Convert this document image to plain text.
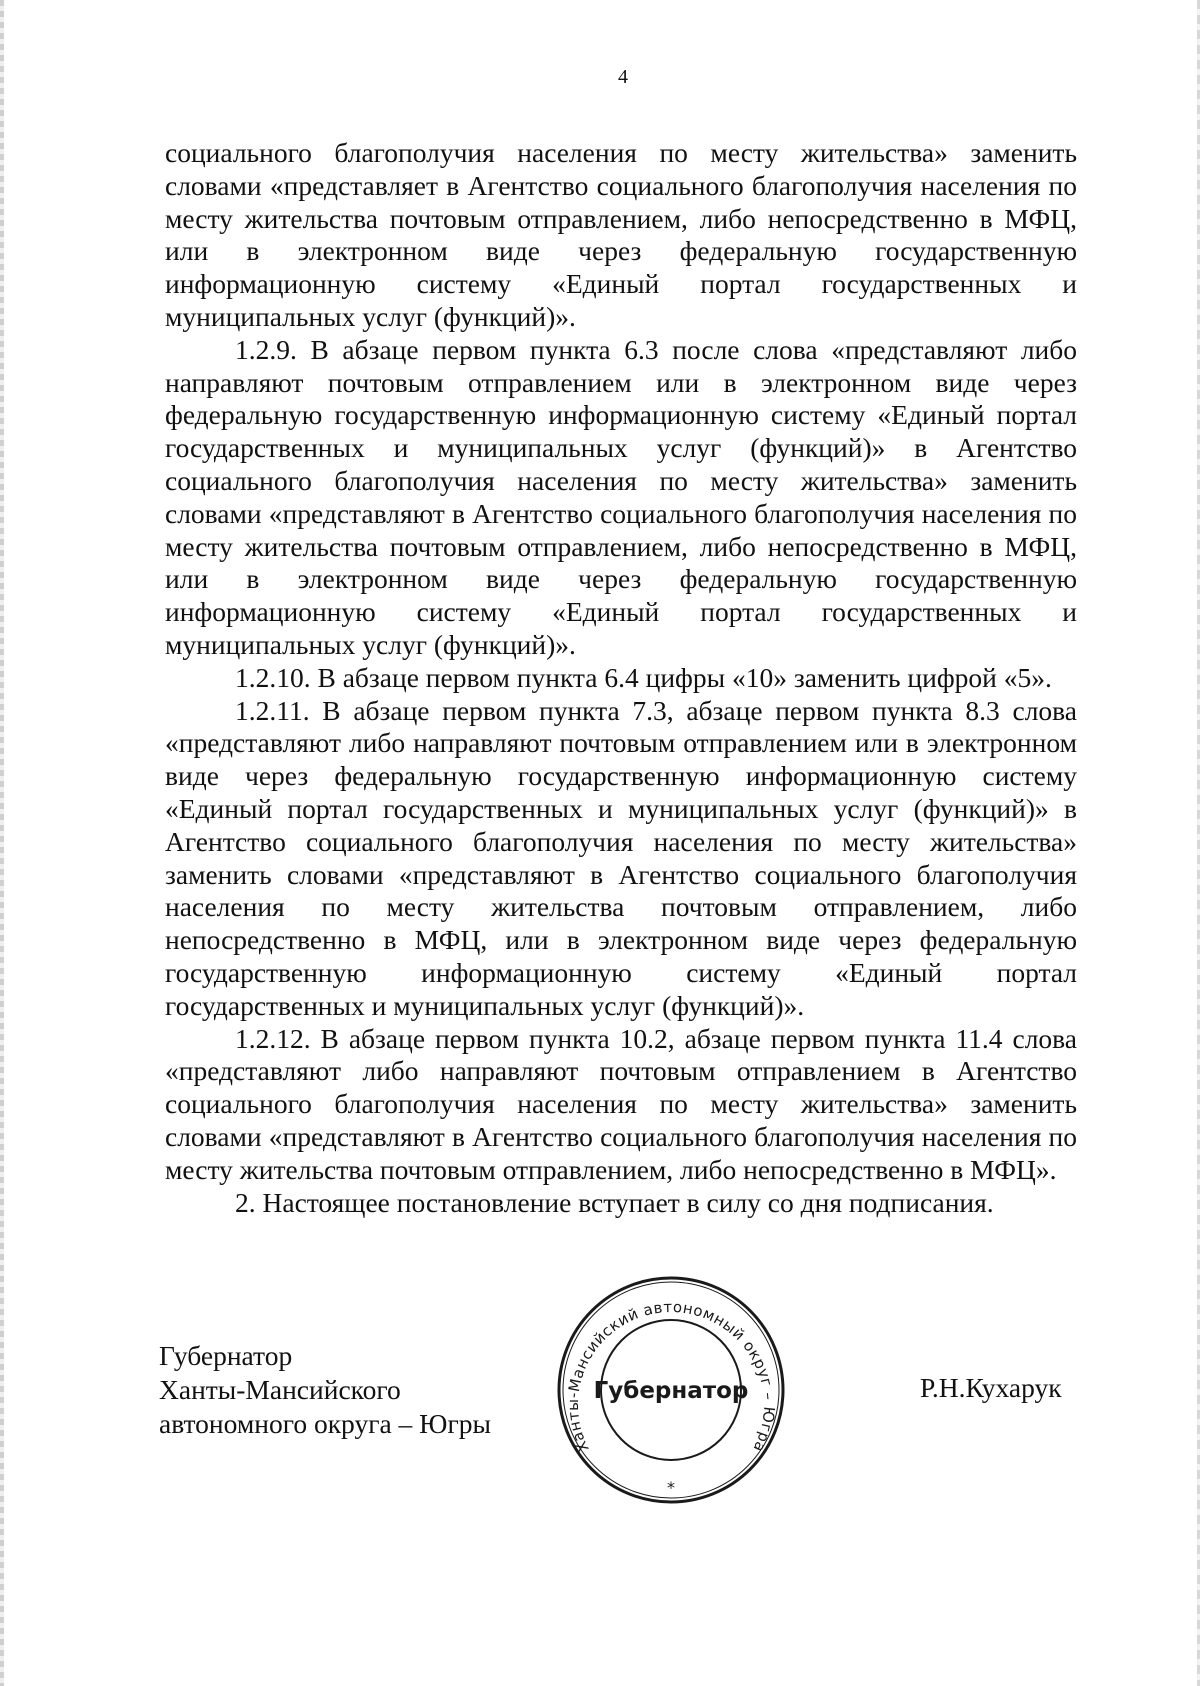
4

социального благополучия населения по месту жительства» заменить словами «представляет в Агентство социального благополучия населения по месту жительства почтовым отправлением, либо непосредственно в МФЦ, или в электронном виде через федеральную государственную информационную систему «Единый портал государственных и муниципальных услуг (функций)».

1.2.9. В абзаце первом пункта 6.3 после слова «представляют либо направляют почтовым отправлением или в электронном виде через федеральную государственную информационную систему «Единый портал государственных и муниципальных услуг (функций)» в Агентство социального благополучия населения по месту жительства» заменить словами «представляют в Агентство социального благополучия населения по месту жительства почтовым отправлением, либо непосредственно в МФЦ, или в электронном виде через федеральную государственную информационную систему «Единый портал государственных и муниципальных услуг (функций)».

1.2.10. В абзаце первом пункта 6.4 цифры «10» заменить цифрой «5».

1.2.11. В абзаце первом пункта 7.3, абзаце первом пункта 8.3 слова «представляют либо направляют почтовым отправлением или в электронном виде через федеральную государственную информационную систему «Единый портал государственных и муниципальных услуг (функций)» в Агентство социального благополучия населения по месту жительства» заменить словами «представляют в Агентство социального благополучия населения по месту жительства почтовым отправлением, либо непосредственно в МФЦ, или в электронном виде через федеральную государственную информационную систему «Единый портал государственных и муниципальных услуг (функций)».

1.2.12. В абзаце первом пункта 10.2, абзаце первом пункта 11.4 слова «представляют либо направляют почтовым отправлением в Агентство социального благополучия населения по месту жительства» заменить словами «представляют в Агентство социального благополучия населения по месту жительства почтовым отправлением, либо непосредственно в МФЦ».

2. Настоящее постановление вступает в силу со дня подписания.

Губернатор
Ханты-Мансийского
автономного округа – Югры
Р.Н.Кухарук
Ханты-Мансийский автономный округ – Югра
Губернатор
*
